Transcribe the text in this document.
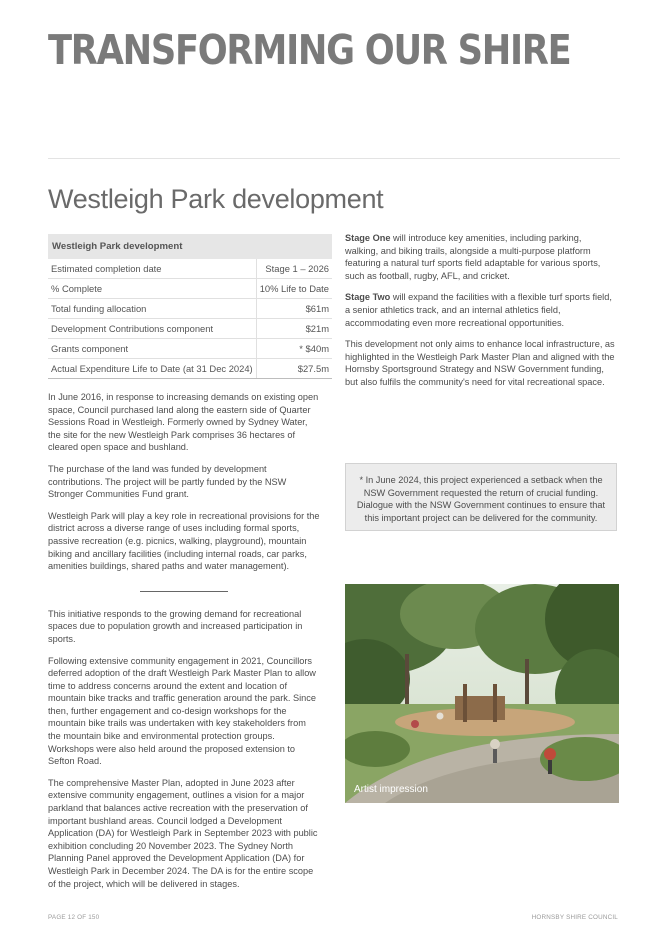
TRANSFORMING OUR SHIRE
Westleigh Park development
Westleigh Park development	
Estimated completion date	Stage 1 – 2026
% Complete	10% Life to Date
Total funding allocation	$61m
Development Contributions component	$21m
Grants component	* $40m
Actual Expenditure Life to Date (at 31 Dec 2024)	$27.5m

In June 2016, in response to increasing demands on existing open space, Council purchased land along the eastern side of Quarter Sessions Road in Westleigh. Formerly owned by Sydney Water, the site for the new Westleigh Park comprises 36 hectares of cleared open space and bushland.

The purchase of the land was funded by development contributions. The project will be partly funded by the NSW Stronger Communities Fund grant.

Westleigh Park will play a key role in recreational provisions for the district across a diverse range of uses including formal sports, passive recreation (e.g. picnics, walking, playground), mountain biking and ancillary facilities (including internal roads, car parks, amenities buildings, shared paths and water management).

This initiative responds to the growing demand for recreational spaces due to population growth and increased participation in sports.

Following extensive community engagement in 2021, Councillors deferred adoption of the draft Westleigh Park Master Plan to allow time to address concerns around the extent and location of mountain bike tracks and traffic generation around the park. Since then, further engagement and co-design workshops for the mountain bike trails was undertaken with key stakeholders from the mountain bike and environmental protection groups. Workshops were also held around the proposed extension to Sefton Road.

The comprehensive Master Plan, adopted in June 2023 after extensive community engagement, outlines a vision for a major parkland that balances active recreation with the preservation of important bushland areas. Council lodged a Development Application (DA) for Westleigh Park in September 2023 with public exhibition concluding 20 November 2023. The Sydney North Planning Panel approved the Development Application (DA) for Westleigh Park in December 2024. The DA is for the entire scope of the project, which will be delivered in stages.

Stage One will introduce key amenities, including parking, walking, and biking trails, alongside a multi-purpose platform featuring a natural turf sports field adaptable for various sports, such as football, rugby, AFL, and cricket.

Stage Two will expand the facilities with a flexible turf sports field, a senior athletics track, and an internal athletics field, accommodating even more recreational opportunities.

This development not only aims to enhance local infrastructure, as highlighted in the Westleigh Park Master Plan and aligned with the Hornsby Sportsground Strategy and NSW Government funding, but also fulfils the community's need for vital recreational space.

* In June 2024, this project experienced a setback when the NSW Government requested the return of crucial funding. Dialogue with the NSW Government continues to ensure that this important project can be delivered for the community.

Artist impression
PAGE 12 OF 150	HORNSBY SHIRE COUNCIL
